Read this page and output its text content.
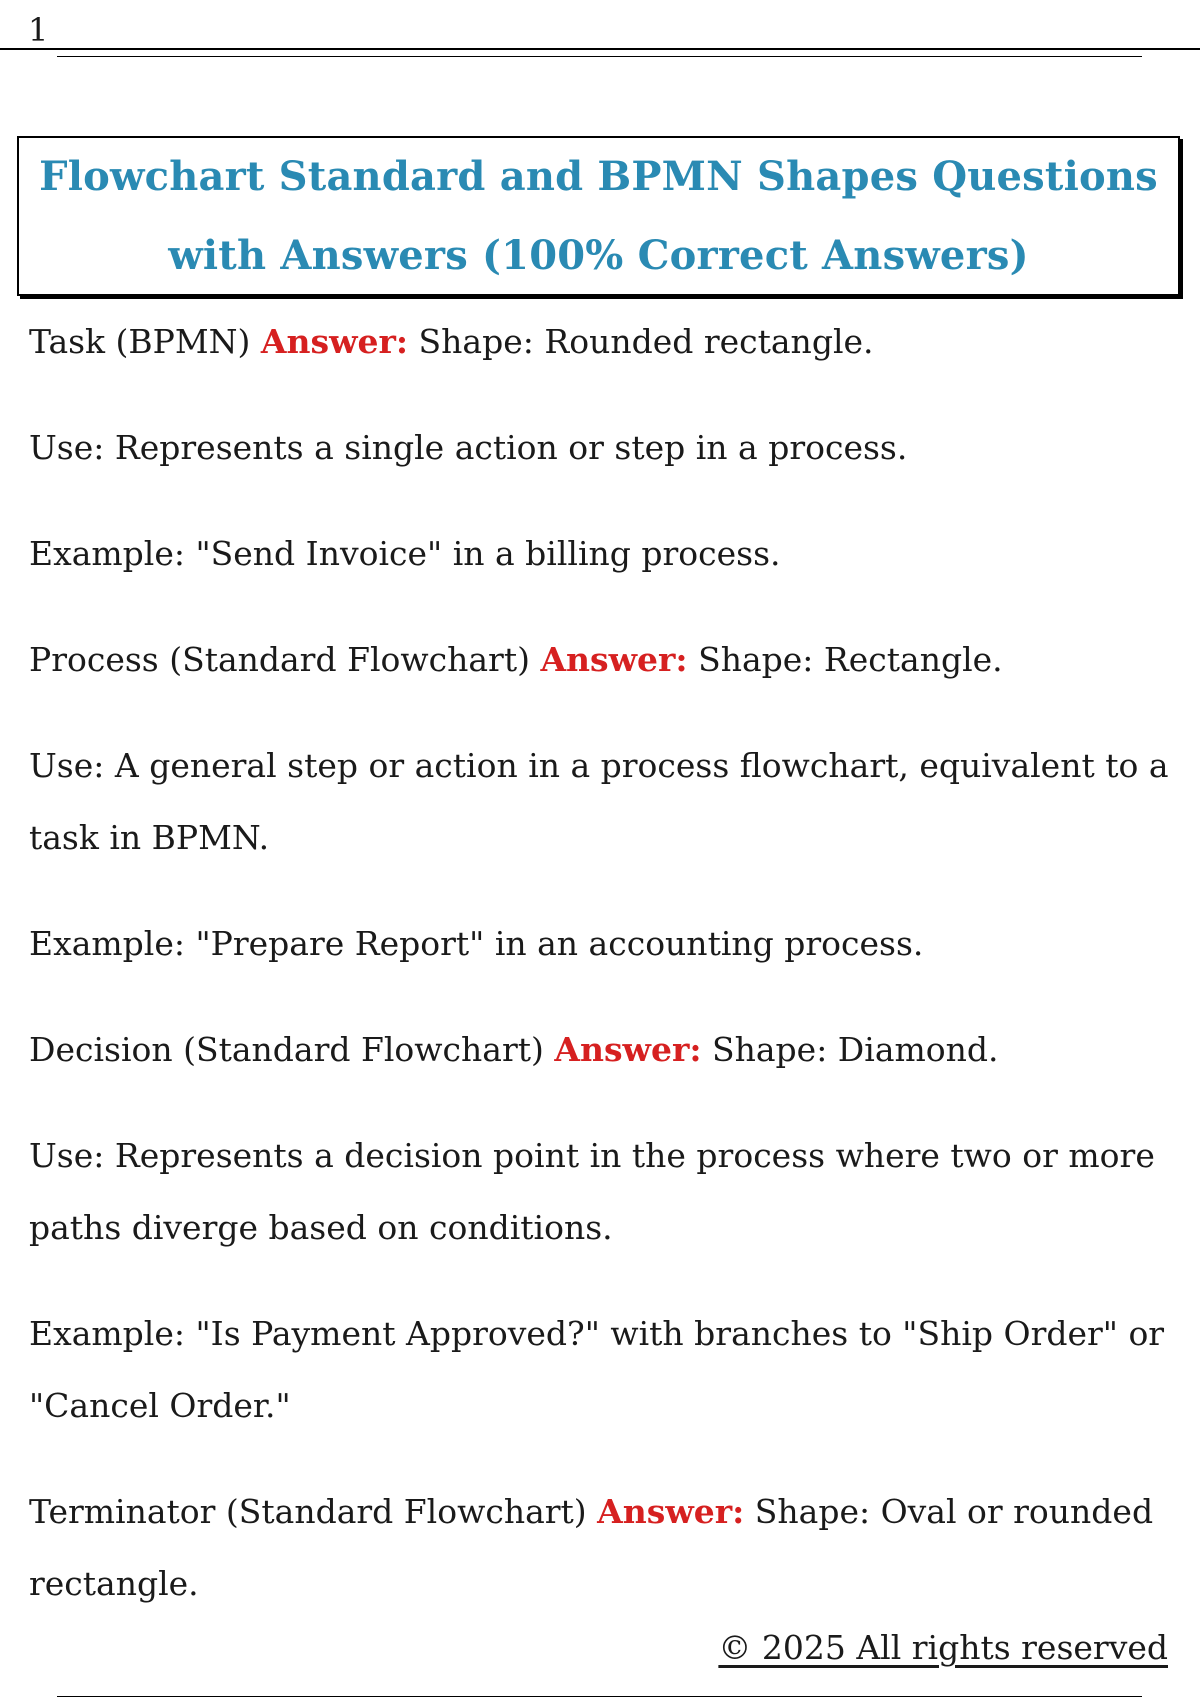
1
Flowchart Standard and BPMN Shapes Questions with Answers (100% Correct Answers)

Task (BPMN) Answer: Shape: Rounded rectangle.

Use: Represents a single action or step in a process.

Example: "Send Invoice" in a billing process.

Process (Standard Flowchart) Answer: Shape: Rectangle.

Use: A general step or action in a process flowchart, equivalent to a task in BPMN.

Example: "Prepare Report" in an accounting process.

Decision (Standard Flowchart) Answer: Shape: Diamond.

Use: Represents a decision point in the process where two or more paths diverge based on conditions.

Example: "Is Payment Approved?" with branches to "Ship Order" or "Cancel Order."

Terminator (Standard Flowchart) Answer: Shape: Oval or rounded rectangle.

© 2025 All rights reserved
